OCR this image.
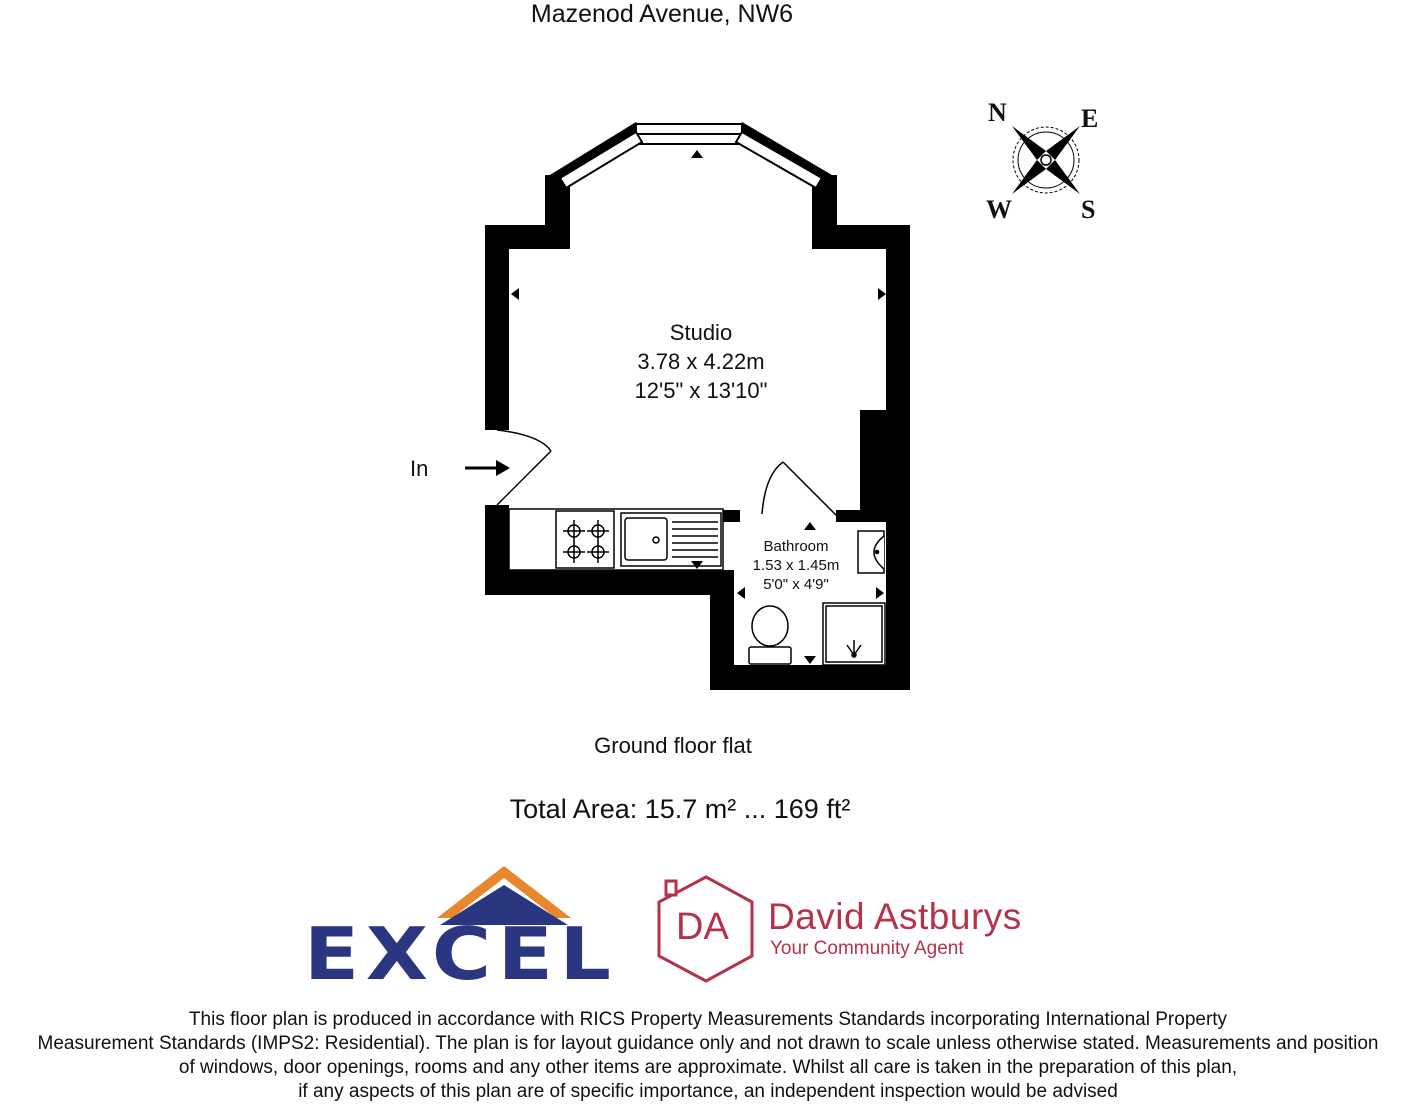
Mazenod Avenue, NW6
In
Studio
3.78 x 4.22m
12'5" x 13'10"
Bathroom
1.53 x 1.45m
5'0" x 4'9"
N	E
S
W
Ground floor flat
Total Area: 15.7 m² ... 169 ft²
EXCEL DA David Astburys
Your Community Agent
This floor plan is produced in accordance with RICS Property Measurements Standards incorporating International Property
Measurement Standards (IMPS2: Residential). The plan is for layout guidance only and not drawn to scale unless otherwise stated. Measurements and position
of windows, door openings, rooms and any other items are approximate. Whilst all care is taken in the preparation of this plan,
if any aspects of this plan are of specific importance, an independent inspection would be advised
